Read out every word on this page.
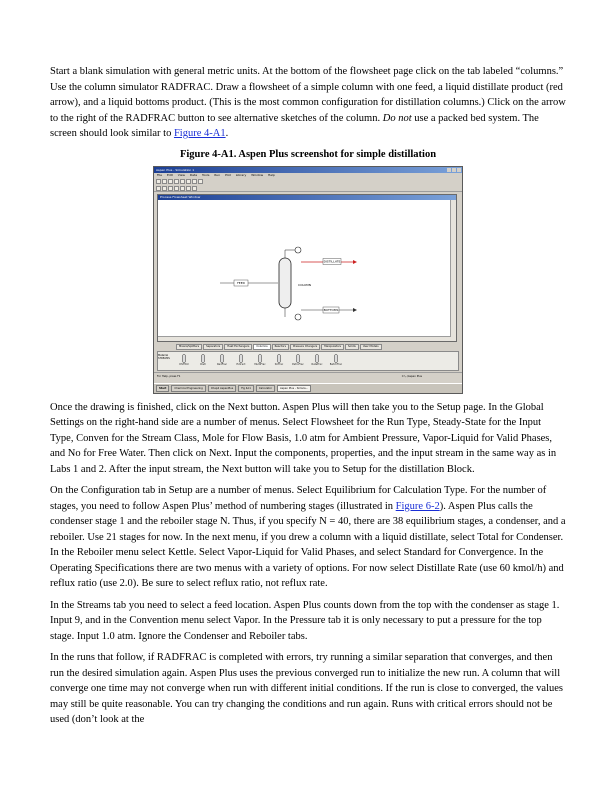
Start a blank simulation with general metric units. At the bottom of the flowsheet page click on the tab labeled “columns.” Use the column simulator RADFRAC. Draw a flowsheet of a simple column with one feed, a liquid distillate product (red arrow), and a liquid bottoms product. (This is the most common configuration for distillation columns.) Click on the arrow to the right of the RADFRAC button to see alternative sketches of the column. Do not use a packed bed system. The screen should look similar to Figure 4-A1.

Figure 4-A1. Aspen Plus screenshot for simple distillation
Aspen Plus - Simulation 1
File Edit View Data Tools Run Plot Library Window Help
Process Flowsheet Window
FEED	COLUMN
DISTILLATE
BOTTOMS
Mixers/Splitters	Separators	Heat Exchangers	Columns	Reactors	Pressure Changers	Manipulators	Solids	User Models
DSTWU	Distl	RadFrac	Extract	MultiFrac	SCFrac	PetroFrac	RateFrac	BatchFrac
Material STREAMS
For Help, press F1	C:\..\Aspen Plus
Start	Chemical Engineering	Chap4 AspenPlus	Fig 4A1	Calculator	Aspen Plus - Simula...

Once the drawing is finished, click on the Next button. Aspen Plus will then take you to the Setup page. In the Global Settings on the right-hand side are a number of menus. Select Flowsheet for the Run Type, Steady-State for the Input Type, Conven for the Stream Class, Mole for Flow Basis, 1.0 atm for Ambient Pressure, Vapor-Liquid for Valid Phases, and No for Free Water. Then click on Next. Input the components, properties, and the input stream in the same way as in Labs 1 and 2. After the input stream, the Next button will take you to Setup for the distillation Block.

On the Configuration tab in Setup are a number of menus. Select Equilibrium for Calculation Type. For the number of stages, you need to follow Aspen Plus’ method of numbering stages (illustrated in Figure 6-2). Aspen Plus calls the condenser stage 1 and the reboiler stage N. Thus, if you specify N = 40, there are 38 equilibrium stages, a condenser, and a reboiler. Use 21 stages for now. In the next menu, if you drew a column with a liquid distillate, select Total for Condenser. In the Reboiler menu select Kettle. Select Vapor-Liquid for Valid Phases, and select Standard for Convergence. In the Operating Specifications there are two menus with a variety of options. For now select Distillate Rate (use 60 kmol/h) and reflux ratio (use 2.0). Be sure to select reflux ratio, not reflux rate.

In the Streams tab you need to select a feed location. Aspen Plus counts down from the top with the condenser as stage 1. Input 9, and in the Convention menu select Vapor. In the Pressure tab it is only necessary to put a pressure for the top stage. Input 1.0 atm. Ignore the Condenser and Reboiler tabs.

In the runs that follow, if RADFRAC is completed with errors, try running a similar separation that converges, and then run the desired simulation again. Aspen Plus uses the previous converged run to initialize the new run. A column that will converge one time may not converge when run with different initial conditions. If the run is close to converged, the values may still be quite reasonable. You can try changing the conditions and run again. Runs with critical errors should not be used (don’t look at the
